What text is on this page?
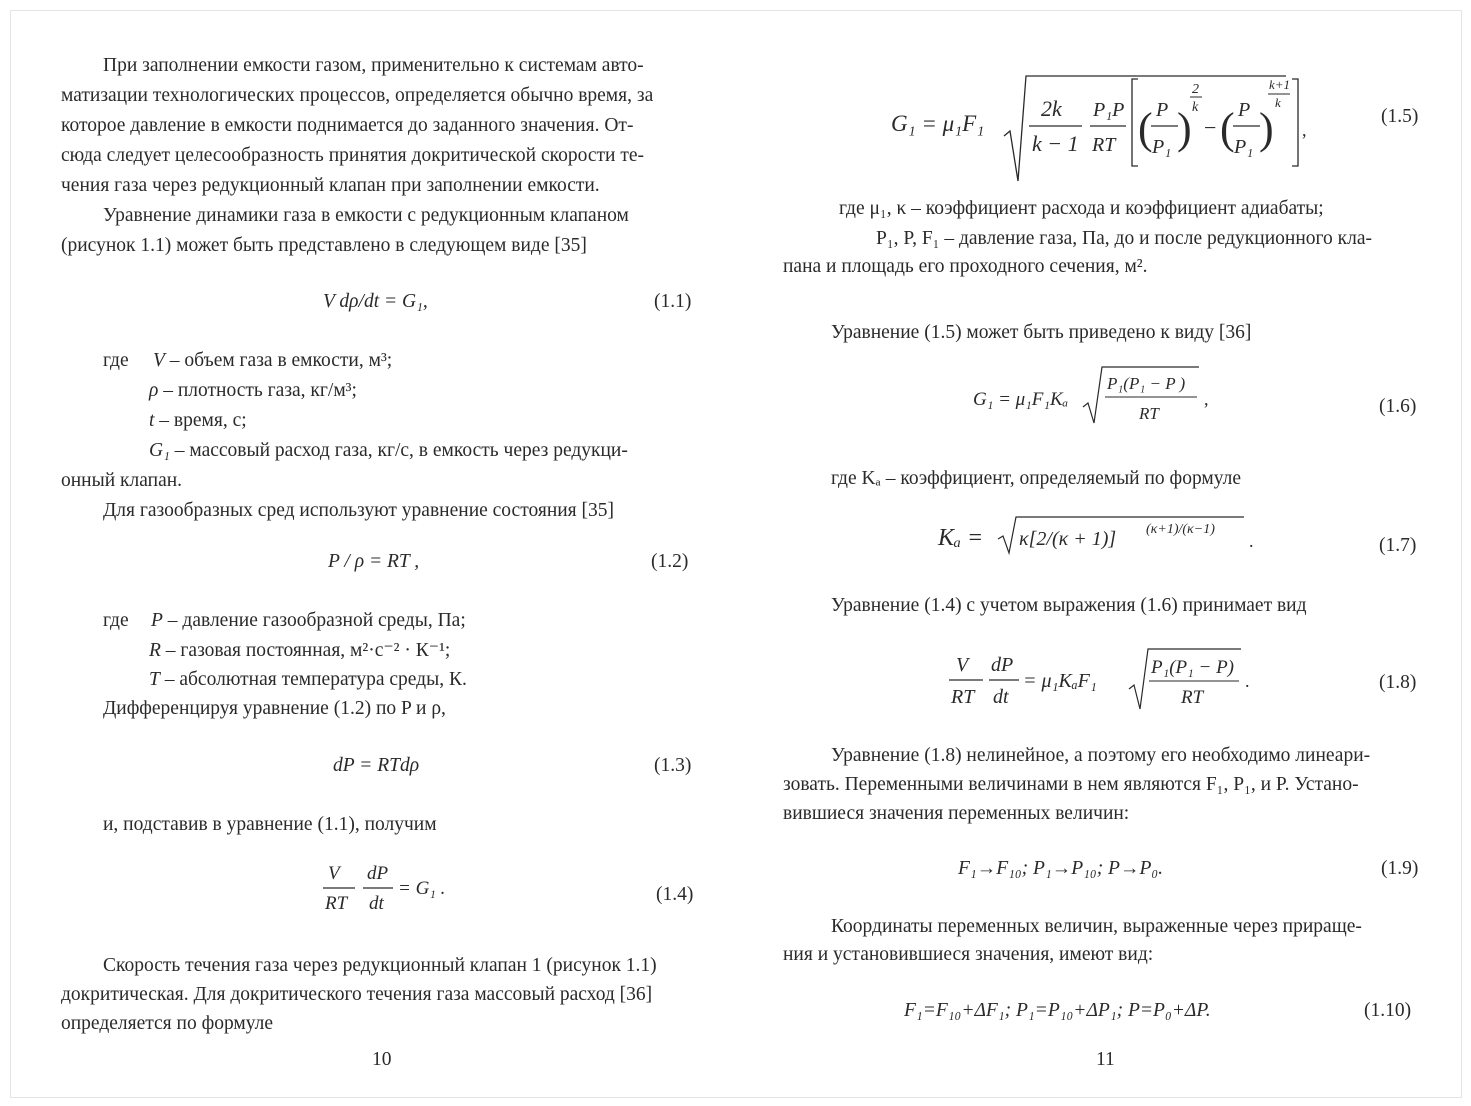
При заполнении емкости газом, применительно к системам авто-
матизации технологических процессов, определяется обычно время, за
которое давление в емкости поднимается до заданного значения. От-
сюда следует целесообразность принятия докритической скорости те-
чения газа через редукционный клапан при заполнении емкости.
Уравнение динамики газа в емкости с редукционным клапаном
(рисунок 1.1) может быть представлено в следующем виде [35]
V dρ/dt = G₁,	(1.1)
где V – объем газа в емкости, м³;
ρ – плотность газа, кг/м³;
t – время, с;
G₁ – массовый расход газа, кг/с, в емкость через редукци-
онный клапан.
Для газообразных сред используют уравнение состояния [35]
P / ρ = RT ,	(1.2)
где P – давление газообразной среды, Па;
R – газовая постоянная, м²·с⁻² · К⁻¹;
T – абсолютная температура среды, К.
Дифференцируя уравнение (1.2) по P и ρ,
dP = RTdρ	(1.3)
и, подставив в уравнение (1.1), получим
V
RT
dP
dt
= G₁ .	(1.4)
Скорость течения газа через редукционный клапан 1 (рисунок 1.1)
докритическая. Для докритического течения газа массовый расход [36]
определяется по формуле
10
G₁ = μ₁F₁
2k
k − 1
P₁P
RT ( P
P₁ )
2
k
− ( P
P₁ )
k+1
k
,
(1.5)
где μ₁, κ – коэффициент расхода и коэффициент адиабаты;
P₁, P, F₁ – давление газа, Па, до и после редукционного кла-
пана и площадь его проходного сечения, м².
Уравнение (1.5) может быть приведено к виду [36]
G₁ = μ₁F₁Kₐ
P₁(P₁ − P )
RT
,	(1.6)
где Kₐ – коэффициент, определяемый по формуле
Kₐ = κ[2/(κ + 1)] (κ+1)/(κ−1)
.	(1.7)
Уравнение (1.4) с учетом выражения (1.6) принимает вид
V
RT
dP
dt
= μ₁KₐF₁
P₁(P₁ − P)
RT
.	(1.8)
Уравнение (1.8) нелинейное, а поэтому его необходимо линеари-
зовать. Переменными величинами в нем являются F₁, P₁, и P. Устано-
вившиеся значения переменных величин:
F₁→F₁₀; P₁→P₁₀; P→P₀.	(1.9)
Координаты переменных величин, выраженные через прираще-
ния и установившиеся значения, имеют вид:
F₁=F₁₀+ΔF₁; P₁=P₁₀+ΔP₁; P=P₀+ΔP.	(1.10)
11
